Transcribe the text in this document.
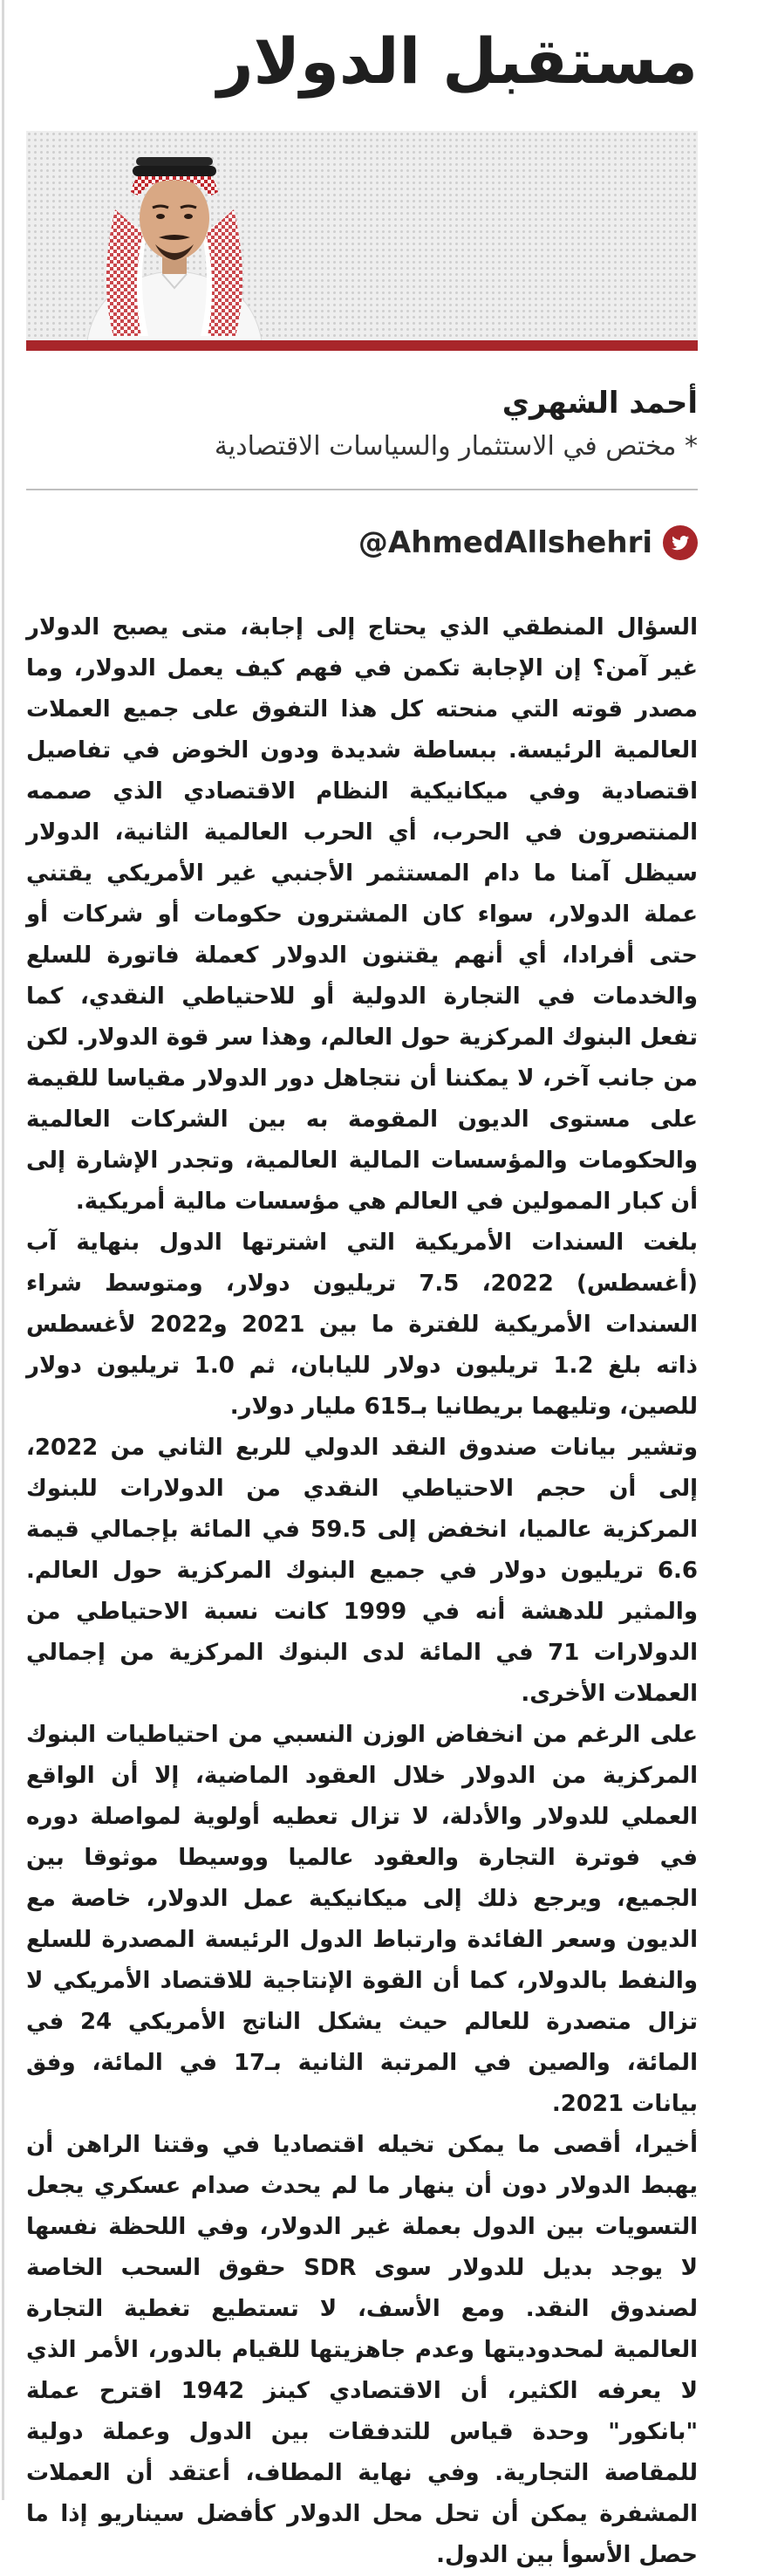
مستقبل الدولار
أحمد الشهري
* مختص في الاستثمار والسياسات الاقتصادية
@AhmedAllshehri

السؤال المنطقي الذي يحتاج إلى إجابة، متى يصبح الدولار غير آمن؟ إن الإجابة تكمن في فهم كيف يعمل الدولار، وما مصدر قوته التي منحته كل هذا التفوق على جميع العملات العالمية الرئيسة. ببساطة شديدة ودون الخوض في تفاصيل اقتصادية وفي ميكانيكية النظام الاقتصادي الذي صممه المنتصرون في الحرب، أي الحرب العالمية الثانية، الدولار سيظل آمنا ما دام المستثمر الأجنبي غير الأمريكي يقتني عملة الدولار، سواء كان المشترون حكومات أو شركات أو حتى أفرادا، أي أنهم يقتنون الدولار كعملة فاتورة للسلع والخدمات في التجارة الدولية أو للاحتياطي النقدي، كما تفعل البنوك المركزية حول العالم، وهذا سر قوة الدولار. لكن من جانب آخر، لا يمكننا أن نتجاهل دور الدولار مقياسا للقيمة على مستوى الديون المقومة به بين الشركات العالمية والحكومات والمؤسسات المالية العالمية، وتجدر الإشارة إلى أن كبار الممولين في العالم هي مؤسسات مالية أمريكية.

بلغت السندات الأمريكية التي اشترتها الدول بنهاية آب (أغسطس) 2022، 7.5 تريليون دولار، ومتوسط شراء السندات الأمريكية للفترة ما بين 2021 و2022 لأغسطس ذاته بلغ 1.2 تريليون دولار لليابان، ثم 1.0 تريليون دولار للصين، وتليهما بريطانيا بـ615 مليار دولار.

وتشير بيانات صندوق النقد الدولي للربع الثاني من 2022، إلى أن حجم الاحتياطي النقدي من الدولارات للبنوك المركزية عالميا، انخفض إلى 59.5 في المائة بإجمالي قيمة 6.6 تريليون دولار في جميع البنوك المركزية حول العالم. والمثير للدهشة أنه في 1999 كانت نسبة الاحتياطي من الدولارات 71 في المائة لدى البنوك المركزية من إجمالي العملات الأخرى.

على الرغم من انخفاض الوزن النسبي من احتياطيات البنوك المركزية من الدولار خلال العقود الماضية، إلا أن الواقع العملي للدولار والأدلة، لا تزال تعطيه أولوية لمواصلة دوره في فوترة التجارة والعقود عالميا ووسيطا موثوقا بين الجميع، ويرجع ذلك إلى ميكانيكية عمل الدولار، خاصة مع الديون وسعر الفائدة وارتباط الدول الرئيسة المصدرة للسلع والنفط بالدولار، كما أن القوة الإنتاجية للاقتصاد الأمريكي لا تزال متصدرة للعالم حيث يشكل الناتج الأمريكي 24 في المائة، والصين في المرتبة الثانية بـ17 في المائة، وفق بيانات 2021.

أخيرا، أقصى ما يمكن تخيله اقتصاديا في وقتنا الراهن أن يهبط الدولار دون أن ينهار ما لم يحدث صدام عسكري يجعل التسويات بين الدول بعملة غير الدولار، وفي اللحظة نفسها لا يوجد بديل للدولار سوى SDR حقوق السحب الخاصة لصندوق النقد. ومع الأسف، لا تستطيع تغطية التجارة العالمية لمحدوديتها وعدم جاهزيتها للقيام بالدور، الأمر الذي لا يعرفه الكثير، أن الاقتصادي كينز 1942 اقترح عملة "بانكور" وحدة قياس للتدفقات بين الدول وعملة دولية للمقاصة التجارية. وفي نهاية المطاف، أعتقد أن العملات المشفرة يمكن أن تحل محل الدولار كأفضل سيناريو إذا ما حصل الأسوأ بين الدول.
